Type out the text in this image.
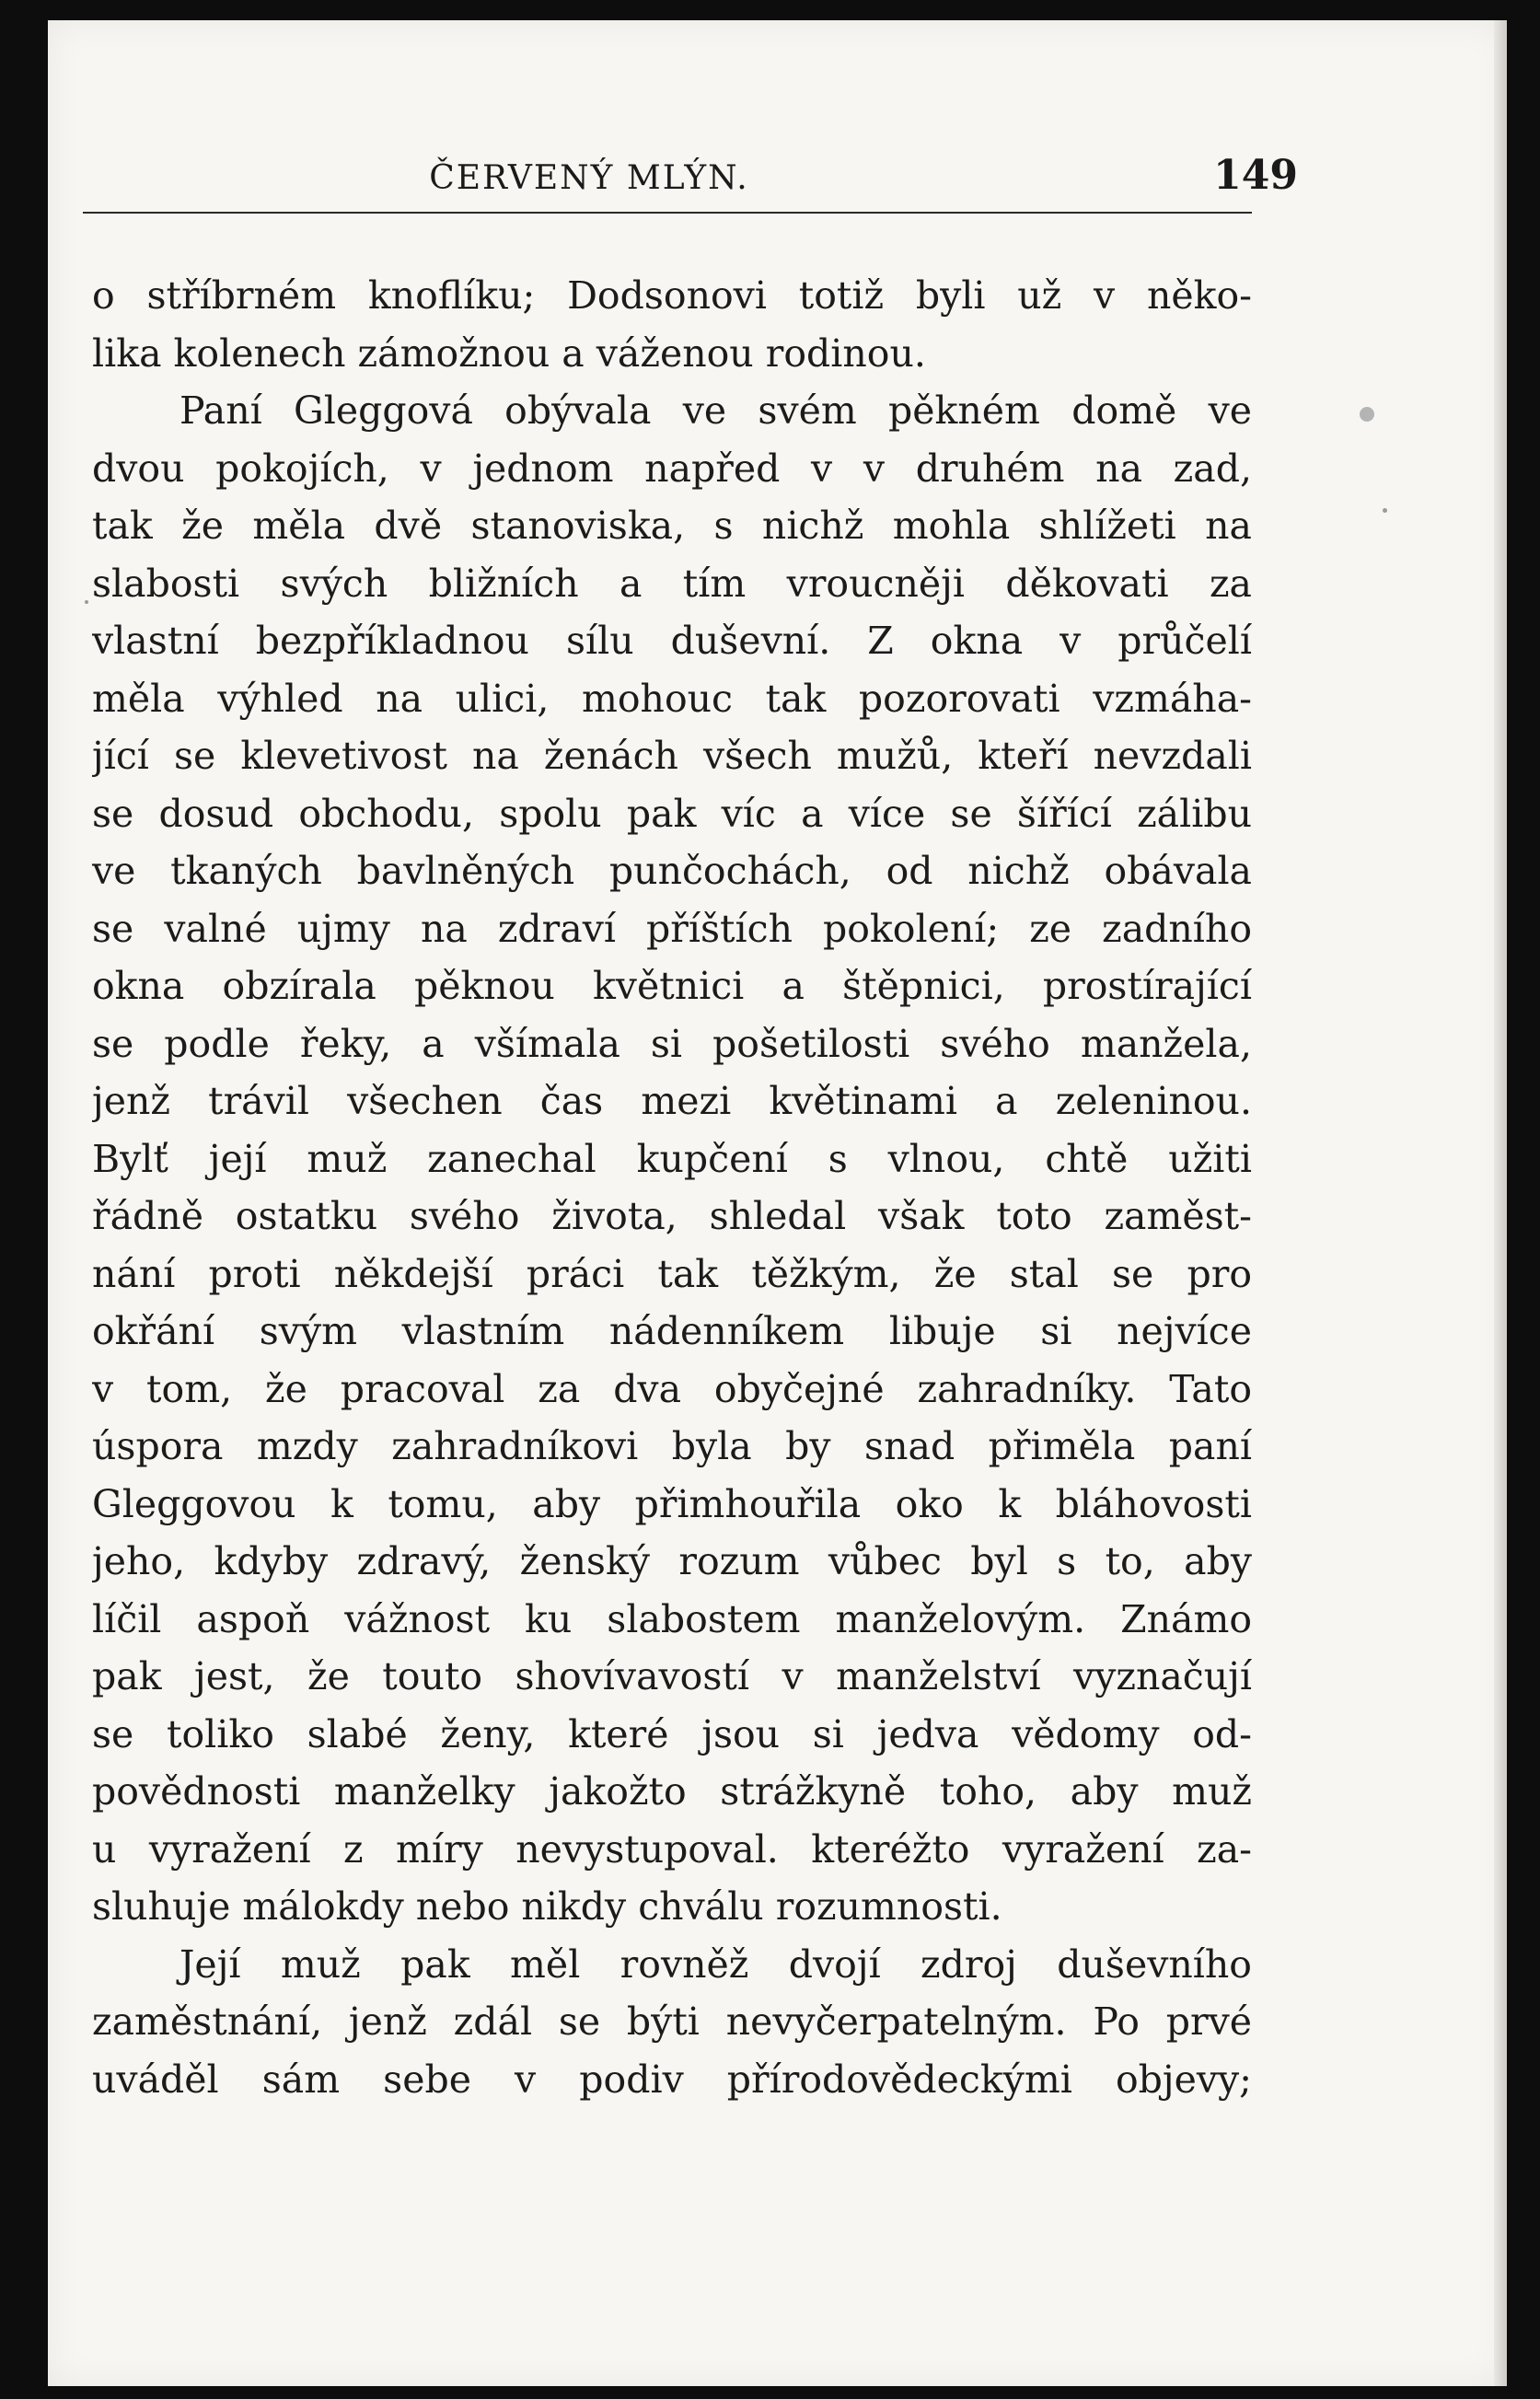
ČERVENÝ MLÝN.	149
o stříbrném knoflíku; Dodsonovi totiž byli už v něko-
lika kolenech zámožnou a váženou rodinou.
Paní Gleggová obývala ve svém pěkném domě ve
dvou pokojích, v jednom napřed v v druhém na zad,
tak že měla dvě stanoviska, s nichž mohla shlížeti na
slabosti svých bližních a tím vroucněji děkovati za
vlastní bezpříkladnou sílu duševní. Z okna v průčelí
měla výhled na ulici, mohouc tak pozorovati vzmáha-
jící se klevetivost na ženách všech mužů, kteří nevzdali
se dosud obchodu, spolu pak víc a více se šířící zálibu
ve tkaných bavlněných punčochách, od nichž obávala
se valné ujmy na zdraví příštích pokolení; ze zadního
okna obzírala pěknou květnici a štěpnici, prostírající
se podle řeky, a všímala si pošetilosti svého manžela,
jenž trávil všechen čas mezi květinami a zeleninou.
Bylť její muž zanechal kupčení s vlnou, chtě užiti
řádně ostatku svého života, shledal však toto zaměst-
nání proti někdejší práci tak těžkým, že stal se pro
okřání svým vlastním nádenníkem libuje si nejvíce
v tom, že pracoval za dva obyčejné zahradníky. Tato
úspora mzdy zahradníkovi byla by snad přiměla paní
Gleggovou k tomu, aby přimhouřila oko k bláhovosti
jeho, kdyby zdravý, ženský rozum vůbec byl s to, aby
líčil aspoň vážnost ku slabostem manželovým. Známo
pak jest, že touto shovívavostí v manželství vyznačují
se toliko slabé ženy, které jsou si jedva vědomy od-
povědnosti manželky jakožto strážkyně toho, aby muž
u vyražení z míry nevystupoval. kteréžto vyražení za-
sluhuje málokdy nebo nikdy chválu rozumnosti.
Její muž pak měl rovněž dvojí zdroj duševního
zaměstnání, jenž zdál se býti nevyčerpatelným. Po prvé
uváděl sám sebe v podiv přírodovědeckými objevy;
